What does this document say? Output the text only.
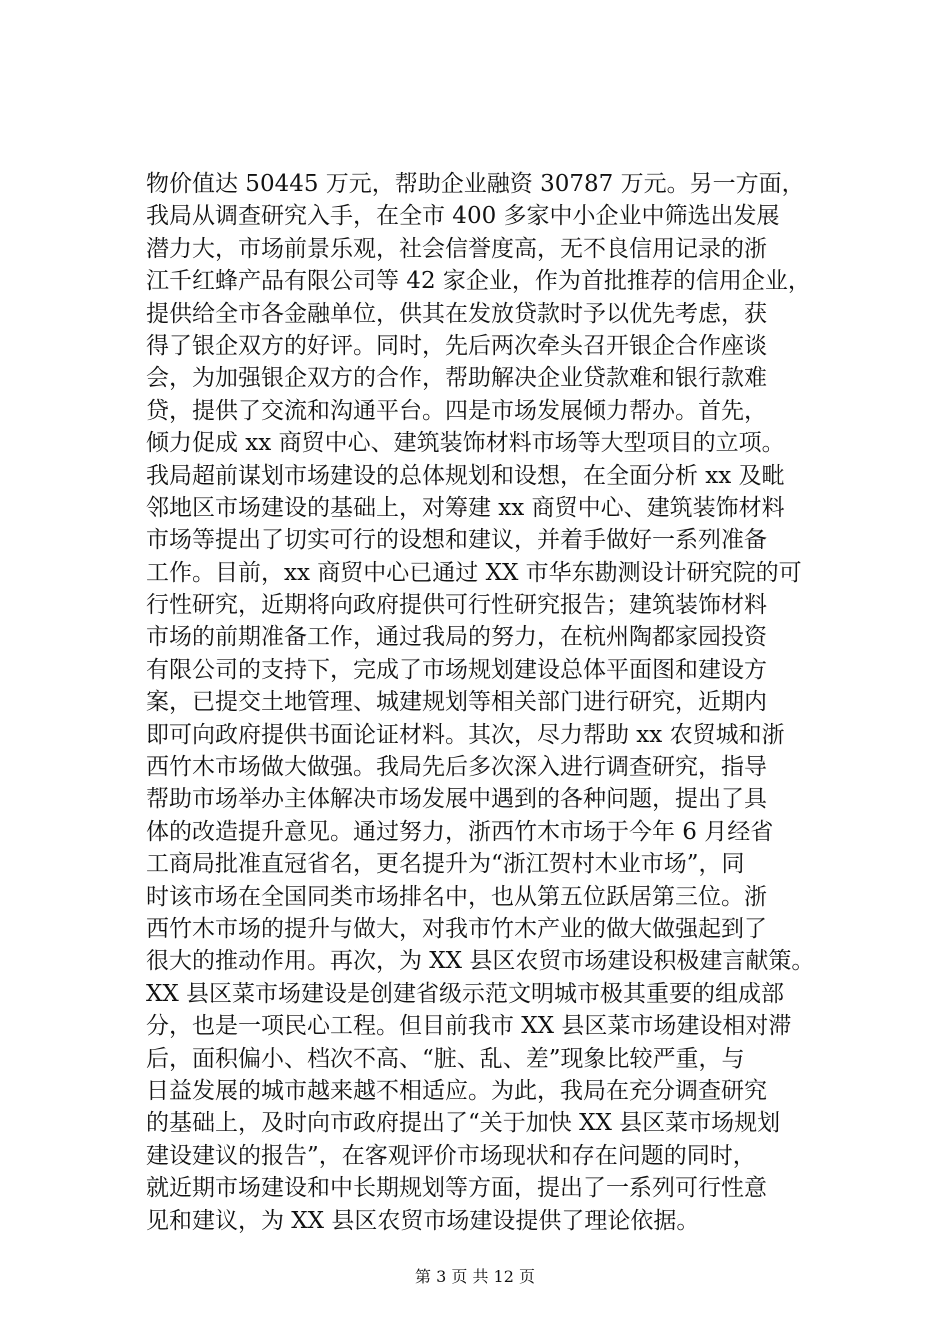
物价值达 50445 万元，帮助企业融资 30787 万元。另一方面，
我局从调查研究入手，在全市 400 多家中小企业中筛选出发展
潜力大，市场前景乐观，社会信誉度高，无不良信用记录的浙
江千红蜂产品有限公司等 42 家企业，作为首批推荐的信用企业，
提供给全市各金融单位，供其在发放贷款时予以优先考虑，获
得了银企双方的好评。同时，先后两次牵头召开银企合作座谈
会，为加强银企双方的合作，帮助解决企业贷款难和银行款难
贷，提供了交流和沟通平台。四是市场发展倾力帮办。首先，
倾力促成 xx 商贸中心、建筑装饰材料市场等大型项目的立项。
我局超前谋划市场建设的总体规划和设想，在全面分析 xx 及毗
邻地区市场建设的基础上，对筹建 xx 商贸中心、建筑装饰材料
市场等提出了切实可行的设想和建议，并着手做好一系列准备
工作。目前，xx 商贸中心已通过 XX 市华东勘测设计研究院的可
行性研究，近期将向政府提供可行性研究报告；建筑装饰材料
市场的前期准备工作，通过我局的努力，在杭州陶都家园投资
有限公司的支持下，完成了市场规划建设总体平面图和建设方
案，已提交土地管理、城建规划等相关部门进行研究，近期内
即可向政府提供书面论证材料。其次，尽力帮助 xx 农贸城和浙
西竹木市场做大做强。我局先后多次深入进行调查研究，指导
帮助市场举办主体解决市场发展中遇到的各种问题，提出了具
体的改造提升意见。通过努力，浙西竹木市场于今年 6 月经省
工商局批准直冠省名，更名提升为“浙江贺村木业市场”，同
时该市场在全国同类市场排名中，也从第五位跃居第三位。浙
西竹木市场的提升与做大，对我市竹木产业的做大做强起到了
很大的推动作用。再次，为 XX 县区农贸市场建设积极建言献策。
XX 县区菜市场建设是创建省级示范文明城市极其重要的组成部
分，也是一项民心工程。但目前我市 XX 县区菜市场建设相对滞
后，面积偏小、档次不高、“脏、乱、差”现象比较严重，与
日益发展的城市越来越不相适应。为此，我局在充分调查研究
的基础上，及时向市政府提出了“关于加快 XX 县区菜市场规划
建设建议的报告”，在客观评价市场现状和存在问题的同时，
就近期市场建设和中长期规划等方面，提出了一系列可行性意
见和建议，为 XX 县区农贸市场建设提供了理论依据。
第 3 页 共 12 页
